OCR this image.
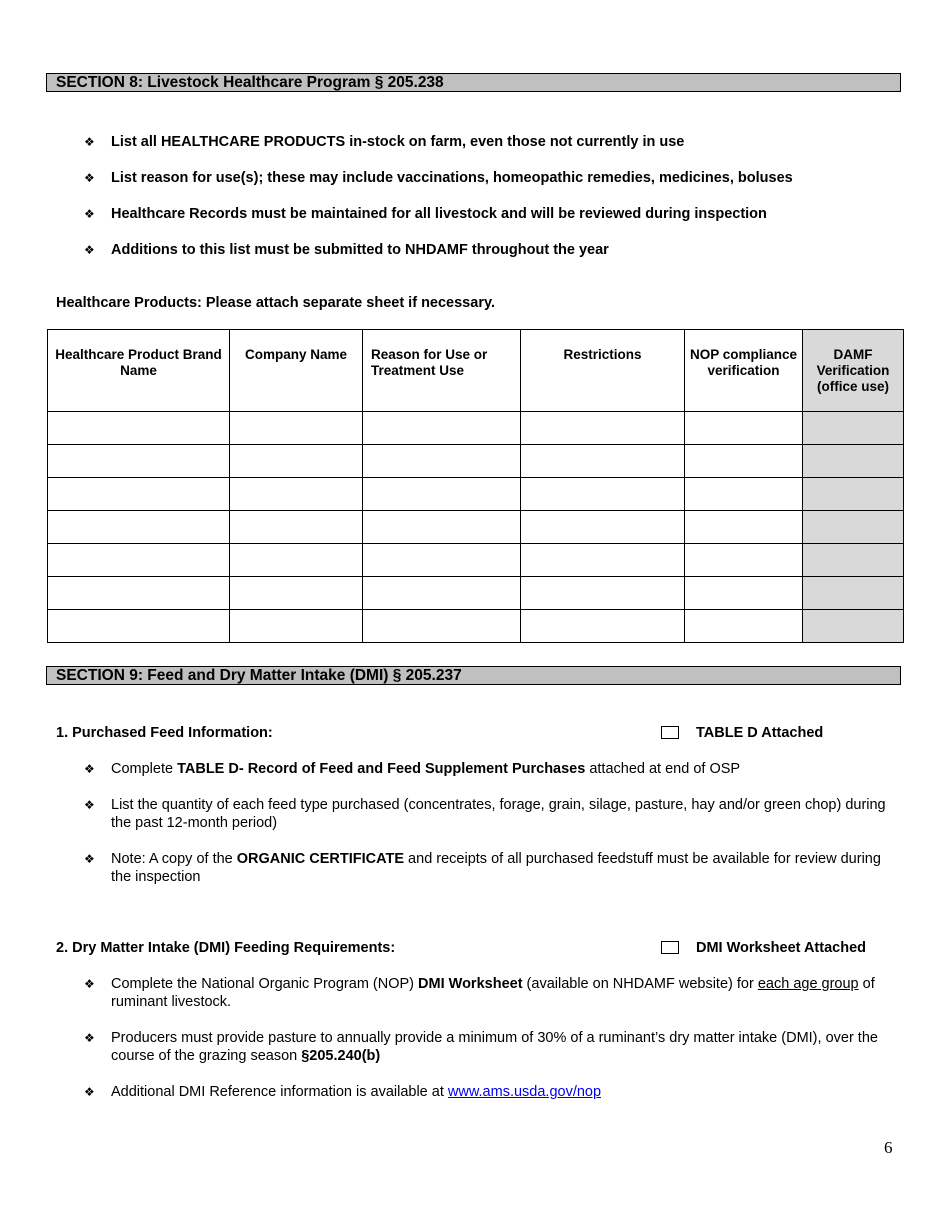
SECTION 8: Livestock Healthcare Program § 205.238
❖ List all HEALTHCARE PRODUCTS in-stock on farm, even those not currently in use
❖ List reason for use(s); these may include vaccinations, homeopathic remedies, medicines, boluses
❖ Healthcare Records must be maintained for all livestock and will be reviewed during inspection
❖ Additions to this list must be submitted to NHDAMF throughout the year
Healthcare Products: Please attach separate sheet if necessary.
Healthcare Product Brand Name	Company Name	Reason for Use or Treatment Use	Restrictions	NOP compliance verification	DAMF Verification (office use)

SECTION 9: Feed and Dry Matter Intake (DMI) § 205.237
1. Purchased Feed Information:	TABLE D Attached
❖ Complete TABLE D- Record of Feed and Feed Supplement Purchases attached at end of OSP
❖ List the quantity of each feed type purchased (concentrates, forage, grain, silage, pasture, hay and/or green chop) during the past 12-month period)
❖ Note: A copy of the ORGANIC CERTIFICATE and receipts of all purchased feedstuff must be available for review during the inspection
2. Dry Matter Intake (DMI) Feeding Requirements:	DMI Worksheet Attached
❖ Complete the National Organic Program (NOP) DMI Worksheet (available on NHDAMF website) for each age group of ruminant livestock.
❖ Producers must provide pasture to annually provide a minimum of 30% of a ruminant’s dry matter intake (DMI), over the course of the grazing season §205.240(b)
❖ Additional DMI Reference information is available at www.ams.usda.gov/nop
6
